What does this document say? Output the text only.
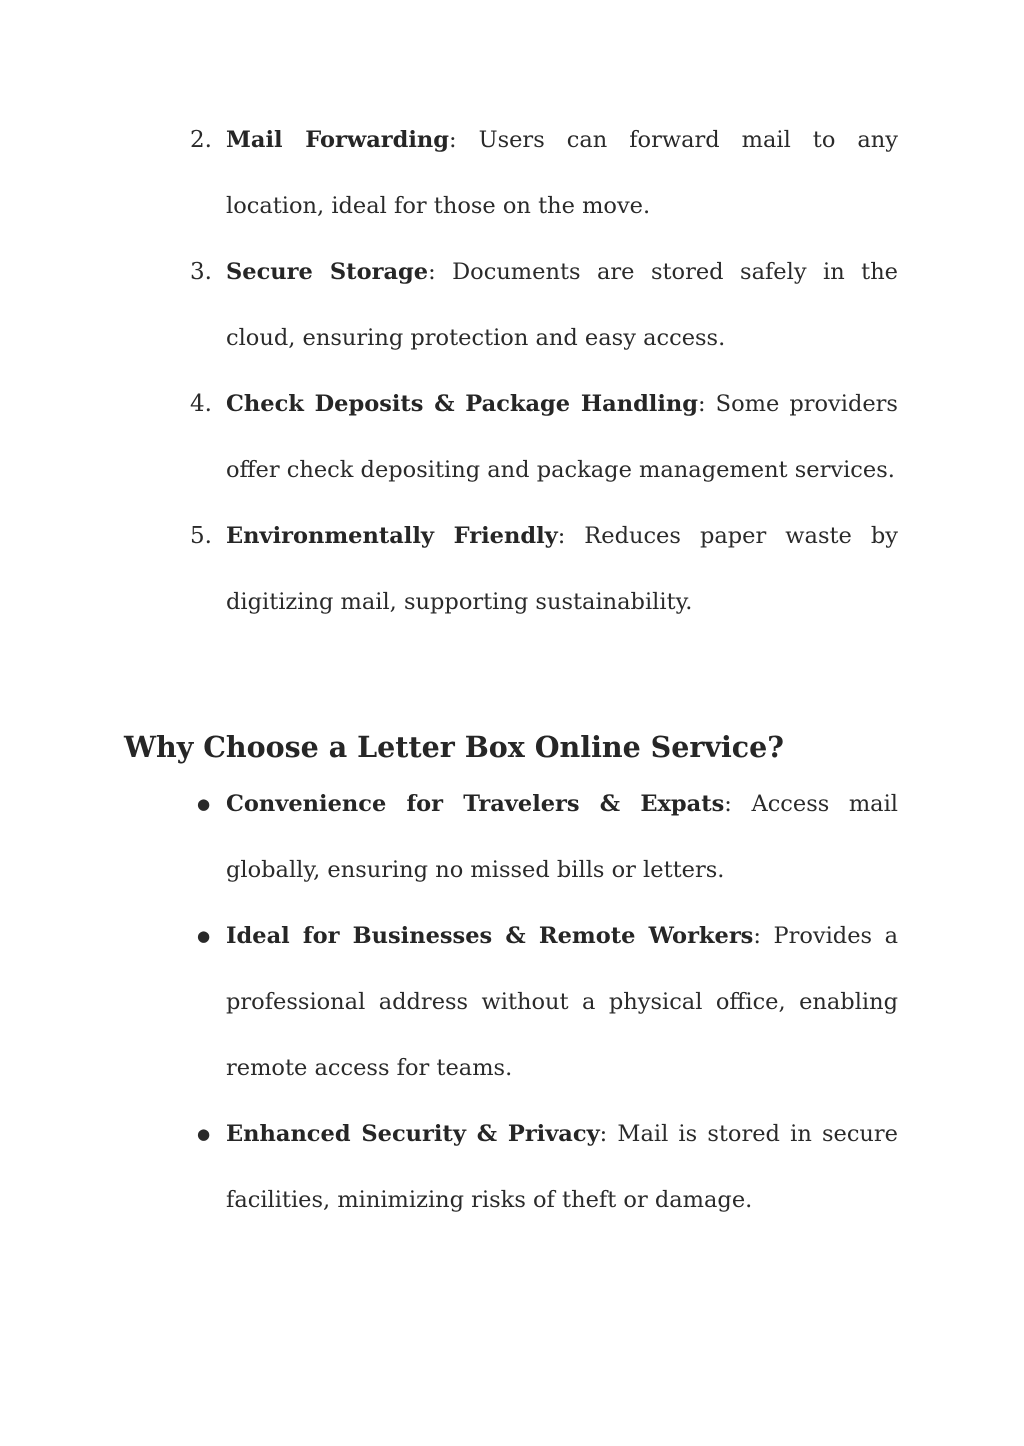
2. Mail Forwarding: Users can forward mail to any location, ideal for those on the move.
3. Secure Storage: Documents are stored safely in the cloud, ensuring protection and easy access.
4. Check Deposits & Package Handling: Some providers offer check depositing and package management services.
5. Environmentally Friendly: Reduces paper waste by digitizing mail, supporting sustainability.
Why Choose a Letter Box Online Service?
● Convenience for Travelers & Expats: Access mail globally, ensuring no missed bills or letters.
● Ideal for Businesses & Remote Workers: Provides a professional address without a physical office, enabling remote access for teams.
● Enhanced Security & Privacy: Mail is stored in secure facilities, minimizing risks of theft or damage.
